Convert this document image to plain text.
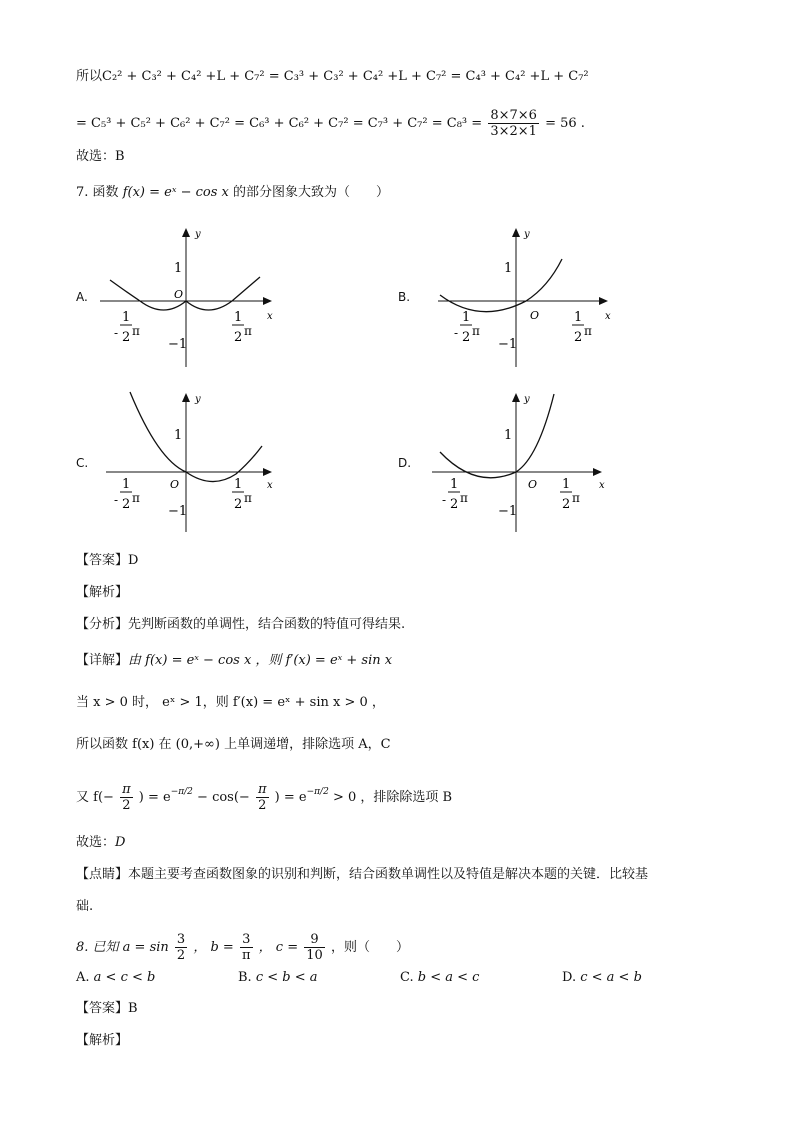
所以C₂² + C₃² + C₄² +L + C₇² = C₃³ + C₃² + C₄² +L + C₇² = C₄³ + C₄² +L + C₇²
= $C_5^3 + C_5^2 + C_6^2 + C_7^2 = C_6^3 + C_6^2 + C_7^2 = C_7^3 + C_7^2 = C_8^3 = \frac{8\times 7\times 6}{3\times 2\times 1} = 56$ .
故选：B
7. 函数 f(x) = eˣ − cos x 的部分图象大致为（　　）
A.	B.
C.	D.
y
x
1
O
−1
1
- 2 π
1
2 π
y
x
1
O
−1
1
- 2 π
1
2 π
y
x
1
O
−1
1
- 2 π
1
2 π
y
x
1
O
−1
1
- 2 π
1
2 π
【答案】D
【解析】
【分析】先判断函数的单调性，结合函数的特值可得结果.
【详解】由 f(x) = eˣ − cos x ，则 f′(x) = eˣ + sin x
当 x > 0 时， eˣ > 1，则 f′(x) = eˣ + sin x > 0 ，
所以函数 f(x) 在 (0,+∞) 上单调递增，排除选项 A，C
又 $f(- \frac{\pi}{2}$ ) = $e^{-\pi/2} - \cos(- \frac{\pi}{2}$ ) = $e^{-\pi/2} > 0$ ，排除除选项 B
故选：D
【点睛】本题主要考查函数图象的识别和判断，结合函数单调性以及特值是解决本题的关键．比较基
础.
8. 已知 $a = \sin \frac{3}{2}$ ， $b = \frac{3}{\pi}$ ， $c = \frac{9}{10}$ ，则（　　）
A. a < c < b	B. c < b < a	C. b < a < c	D. c < a < b
【答案】B
【解析】
